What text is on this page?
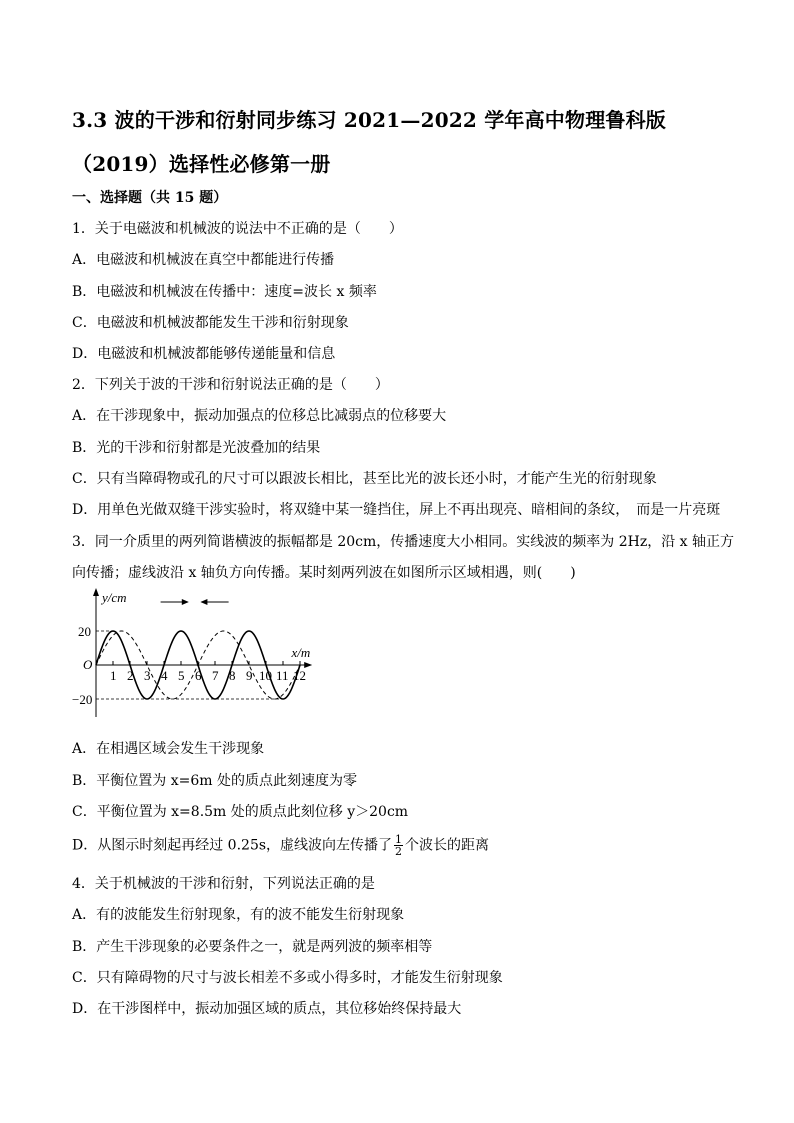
3.3 波的干涉和衍射同步练习 2021—2022 学年高中物理鲁科版
（2019）选择性必修第一册
一、选择题（共 15 题）
1．关于电磁波和机械波的说法中不正确的是（　　）
A．电磁波和机械波在真空中都能进行传播
B．电磁波和机械波在传播中：速度=波长 x 频率
C．电磁波和机械波都能发生干涉和衍射现象
D．电磁波和机械波都能够传递能量和信息
2．下列关于波的干涉和衍射说法正确的是（　　）
A．在干涉现象中，振动加强点的位移总比减弱点的位移要大
B．光的干涉和衍射都是光波叠加的结果
C．只有当障碍物或孔的尺寸可以跟波长相比，甚至比光的波长还小时，才能产生光的衍射现象
D．用单色光做双缝干涉实验时，将双缝中某一缝挡住，屏上不再出现亮、暗相间的条纹，　而是一片亮斑
3．同一介质里的两列简谐横波的振幅都是 20cm，传播速度大小相同。实线波的频率为 2Hz，沿 x 轴正方
向传播；虚线波沿 x 轴负方向传播。某时刻两列波在如图所示区域相遇，则(　　)
y/cm
x/m
O
20
−20
1 2 3 4 5 6 7 8 9 10 11 12
A．在相遇区域会发生干涉现象
B．平衡位置为 x=6m 处的质点此刻速度为零
C．平衡位置为 x=8.5m 处的质点此刻位移 y＞20cm
D．从图示时刻起再经过 0.25s，虚线波向左传播了 $\frac{1}{2}$ 个波长的距离
4．关于机械波的干涉和衍射，下列说法正确的是
A．有的波能发生衍射现象，有的波不能发生衍射现象
B．产生干涉现象的必要条件之一，就是两列波的频率相等
C．只有障碍物的尺寸与波长相差不多或小得多时，才能发生衍射现象
D．在干涉图样中，振动加强区域的质点，其位移始终保持最大
